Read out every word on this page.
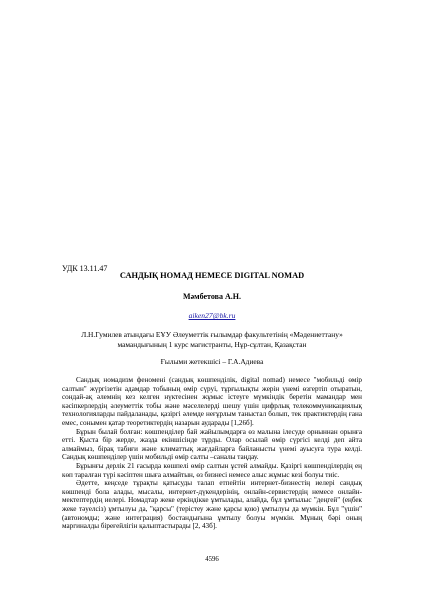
УДК 13.11.47
САНДЫҚ НОМАД НЕМЕСЕ DIGITAL NOMAD
Мәмбетова А.Н.
aiken27@bk.ru
Л.Н.Гумилев атындағы ЕҰУ Әлеуметтік ғылымдар факультетінің «Мәдениеттану» мамандығының 1 курс магистранты, Нұр-сұлтан, Қазақстан
Ғылыми жетекшісі – Г.А.Адиева

Сандық номадизм феномені (сандық көшпенділік, digital nomad) немесе "мобильді өмір салтын" жүргізетін адамдар тобының өмір сүруі, тұрғылықты жерін үнемі өзгертіп отыратын, сондай-ақ әлемнің кез келген нүктесінен жұмыс істеуге мүмкіндік беретін мамандар мен кәсіпкерлердің әлеуметтік тобы және мәселелерді шешу үшін цифрлық телекоммуникациялық технологияларды пайдаланады, қазіргі әлемде неғұрлым таныстал болып, тек практиктердің ғана емес, сонымен қатар теоретиктердің назарын аударады [1,26б].

Бұрын былай болған: көшпенділер бай жайылымдарға өз малына ілесуде орныннан орынға етті. Қыста бір жерде, жазда екіншісінде тұрды. Олар осылай өмір сүргісі келді деп айта алмаймыз, бірақ табиғи және климаттық жағдайларға байланысты үнемі ауысуға тура келді. Сандық көшпенділер үшін мобильді өмір салты –саналы таңдау.

Бұрынғы дерлік 21 ғасырда көшпелі өмір салтын ұстей алмайды. Қазіргі көшпенділердің ең көп таралған түрі кәсіптен шыға алмайтын, өз бизнесі немесе алыс жұмыс кезі болуы тиіс.

Әдетте, кеңседе тұрақты қатысуды талап етпейтін интернет-бизнестің иелері сандық көшпенді бола алады, мысалы, интернет-дүкендерінің, онлайн-сервистердің немесе онлайн-мектептердің иелері. Номадтар жеке еркіндікке ұмтылады, алайда, бұл ұмтылыс "деңгей" (еңбек жеке тәуелсіз) ұмтылуы да, "қарсы" (терістеу және қарсы қою) ұмтылуы да мүмкін. Бұл "үшін" (автономды; және интеграция) бостандығына ұмтылу болуы мүмкін. Мұның бәрі оның маргиналды біреғейлігін қалыптастырады [2, 43б].

4596
